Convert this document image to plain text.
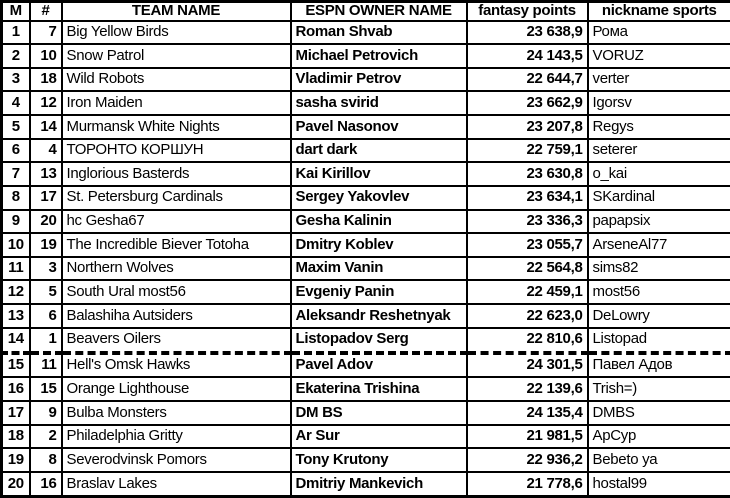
M	#	TEAM NAME	ESPN OWNER NAME	fantasy points	nickname sports
1	7	Big Yellow Birds	Roman Shvab	23 638,9	Рома
2	10	Snow Patrol	Michael Petrovich	24 143,5	VORUZ
3	18	Wild Robots	Vladimir Petrov	22 644,7	verter
4	12	Iron Maiden	sasha svirid	23 662,9	Igorsv
5	14	Murmansk White Nights	Pavel Nasonov	23 207,8	Regys
6	4	ТОРОНТО КОРШУН	dart dark	22 759,1	seterer
7	13	Inglorious Basterds	Kai Kirillov	23 630,8	o_kai
8	17	St. Petersburg Cardinals	Sergey Yakovlev	23 634,1	SKardinal
9	20	hc Gesha67	Gesha Kalinin	23 336,3	papapsix
10	19	The Incredible Biever Totoha	Dmitry Koblev	23 055,7	ArseneAl77
11	3	Northern Wolves	Maxim Vanin	22 564,8	sims82
12	5	South Ural most56	Evgeniy Panin	22 459,1	most56
13	6	Balashiha Autsiders	Aleksandr Reshetnyak	22 623,0	DeLowry
14	1	Beavers Oilers	Listopadov Serg	22 810,6	Listopad
15	11	Hell's Omsk Hawks	Pavel Adov	24 301,5	Павел Адов
16	15	Orange Lighthouse	Ekaterina Trishina	22 139,6	Trish=)
17	9	Bulba Monsters	DM BS	24 135,4	DMBS
18	2	Philadelphia Gritty	Ar Sur	21 981,5	ApCyp
19	8	Severodvinsk Pomors	Tony Krutony	22 936,2	Bebeto ya
20	16	Braslav Lakes	Dmitriy Mankevich	21 778,6	hostal99
